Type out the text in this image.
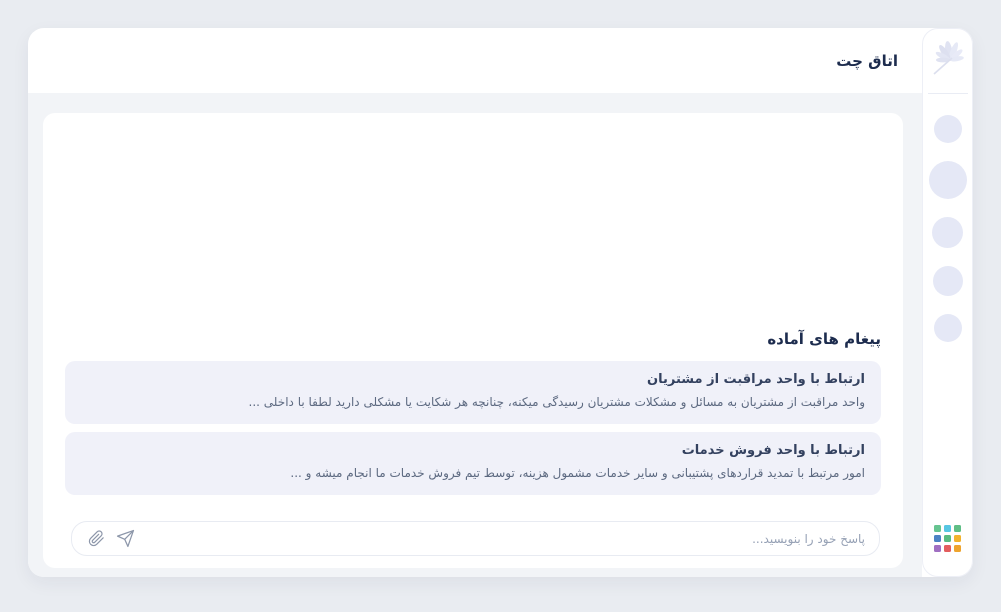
اتاق چت
پیغام های آماده
ارتباط با واحد مراقبت از مشتریان
واحد مراقبت از مشتریان به مسائل و مشکلات مشتریان رسیدگی میکنه، چنانچه هر شکایت یا مشکلی دارید لطفا با داخلی ...
ارتباط با واحد فروش خدمات
امور مرتبط با تمدید قراردهای پشتیبانی و سایر خدمات مشمول هزینه، توسط تیم فروش خدمات ما انجام میشه و ...
پاسخ خود را بنویسید...
